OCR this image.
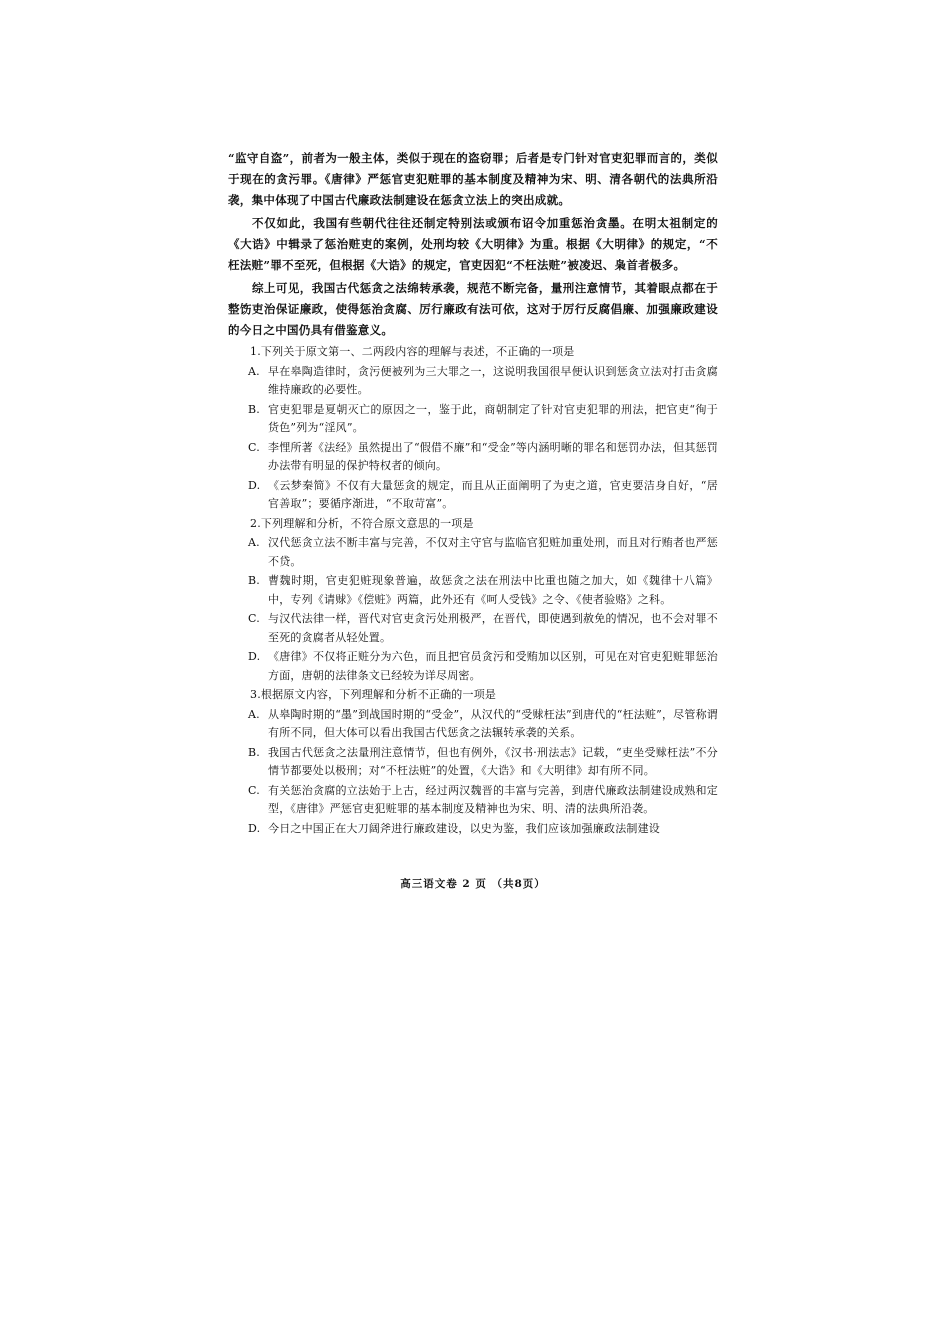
“监守自盗”，前者为一般主体，类似于现在的盗窃罪；后者是专门针对官吏犯罪而言的，类似于现在的贪污罪。《唐律》严惩官吏犯赃罪的基本制度及精神为宋、明、清各朝代的法典所沿袭，集中体现了中国古代廉政法制建设在惩贪立法上的突出成就。

不仅如此，我国有些朝代往往还制定特别法或颁布诏令加重惩治贪墨。在明太祖制定的《大诰》中辑录了惩治赃吏的案例，处刑均较《大明律》为重。根据《大明律》的规定，“不枉法赃”罪不至死，但根据《大诰》的规定，官吏因犯“不枉法赃”被凌迟、枭首者极多。

综上可见，我国古代惩贪之法绵转承袭，规范不断完备，量刑注意情节，其着眼点都在于整饬吏治保证廉政，使得惩治贪腐、厉行廉政有法可依，这对于厉行反腐倡廉、加强廉政建设的今日之中国仍具有借鉴意义。

1.下列关于原文第一、二两段内容的理解与表述，不正确的一项是
A. 早在皋陶造律时，贪污便被列为三大罪之一，这说明我国很早便认识到惩贪立法对打击贪腐维持廉政的必要性。
B. 官吏犯罪是夏朝灭亡的原因之一，鉴于此，商朝制定了针对官吏犯罪的刑法，把官吏“徇于货色”列为“淫风”。
C. 李悝所著《法经》虽然提出了“假借不廉”和“受金”等内涵明晰的罪名和惩罚办法，但其惩罚办法带有明显的保护特权者的倾向。
D. 《云梦秦简》不仅有大量惩贪的规定，而且从正面阐明了为吏之道，官吏要洁身自好，“居官善取”；要循序渐进，“不取苛富”。
2.下列理解和分析，不符合原文意思的一项是
A. 汉代惩贪立法不断丰富与完善，不仅对主守官与监临官犯赃加重处刑，而且对行贿者也严惩不贷。
B. 曹魏时期，官吏犯赃现象普遍，故惩贪之法在刑法中比重也随之加大，如《魏律十八篇》中，专列《请赇》《偿赃》两篇，此外还有《呵人受钱》之令、《使者验赂》之科。
C. 与汉代法律一样，晋代对官吏贪污处刑极严，在晋代，即使遇到赦免的情况，也不会对罪不至死的贪腐者从轻处置。
D. 《唐律》不仅将正赃分为六色，而且把官员贪污和受贿加以区别，可见在对官吏犯赃罪惩治方面，唐朝的法律条文已经较为详尽周密。
3.根据原文内容，下列理解和分析不正确的一项是
A. 从皋陶时期的“墨”到战国时期的“受金”，从汉代的“受赇枉法”到唐代的“枉法赃”，尽管称谓有所不同，但大体可以看出我国古代惩贪之法辗转承袭的关系。
B. 我国古代惩贪之法量刑注意情节，但也有例外，《汉书·刑法志》记载，“吏坐受赇枉法”不分情节都要处以极刑；对“不枉法赃”的处置，《大诰》和《大明律》却有所不同。
C. 有关惩治贪腐的立法始于上古，经过两汉魏晋的丰富与完善，到唐代廉政法制建设成熟和定型，《唐律》严惩官吏犯赃罪的基本制度及精神也为宋、明、清的法典所沿袭。
D. 今日之中国正在大刀阔斧进行廉政建设，以史为鉴，我们应该加强廉政法制建设
高三语文卷 2 页 （共8页）
